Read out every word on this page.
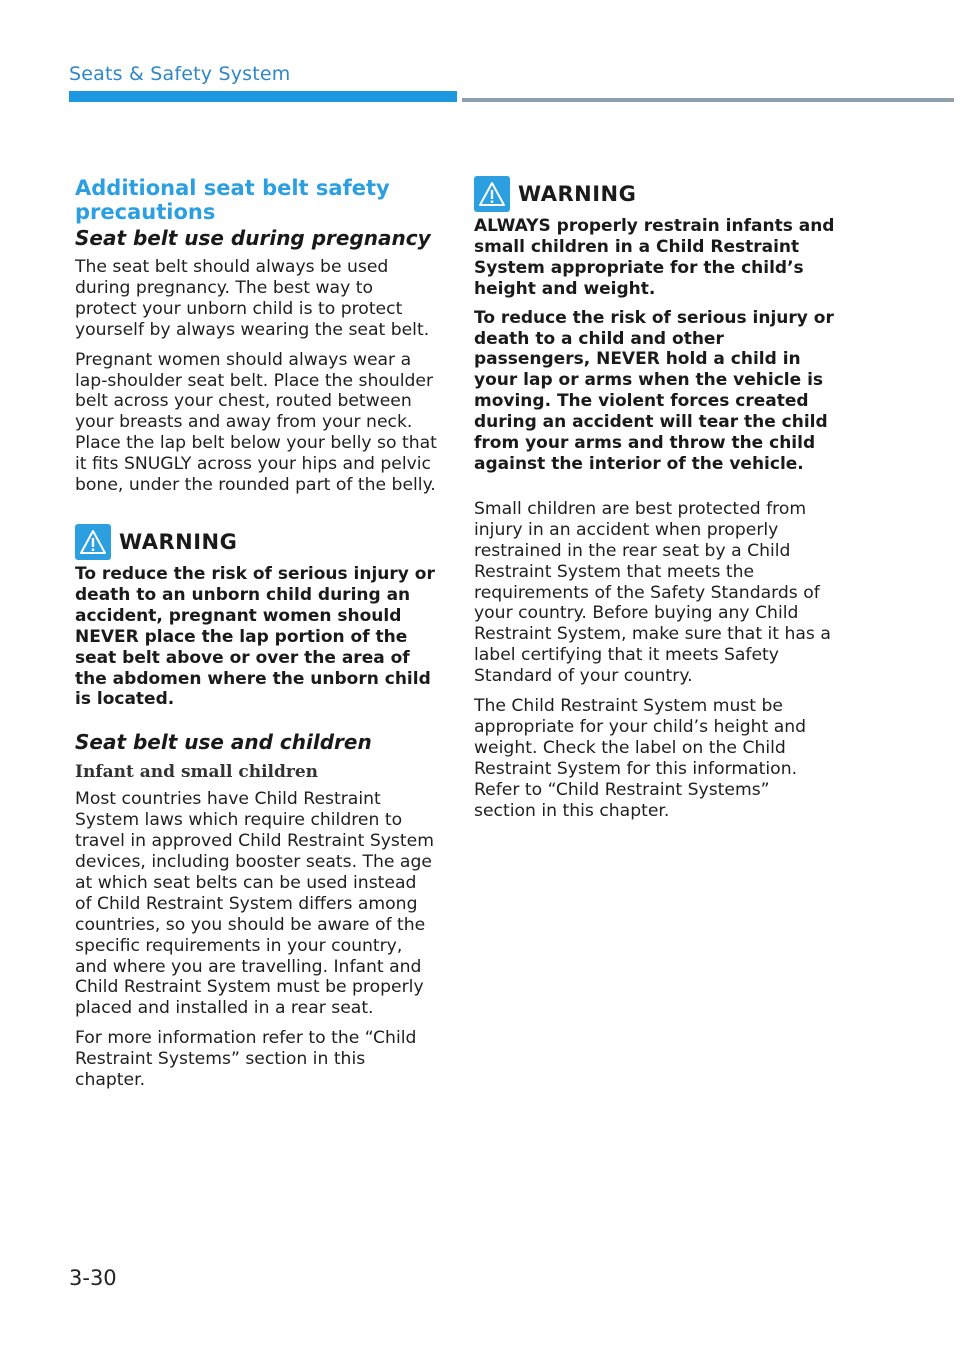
Seats & Safety System
Additional seat belt safety
precautions
Seat belt use during pregnancy

The seat belt should always be used during pregnancy. The best way to protect your unborn child is to protect yourself by always wearing the seat belt.

Pregnant women should always wear a lap-shoulder seat belt. Place the shoulder belt across your chest, routed between your breasts and away from your neck. Place the lap belt below your belly so that it fits SNUGLY across your hips and pelvic bone, under the rounded part of the belly.

WARNING

To reduce the risk of serious injury or death to an unborn child during an accident, pregnant women should NEVER place the lap portion of the seat belt above or over the area of the abdomen where the unborn child is located.

Seat belt use and children
Infant and small children

Most countries have Child Restraint System laws which require children to travel in approved Child Restraint System devices, including booster seats. The age at which seat belts can be used instead of Child Restraint System differs among countries, so you should be aware of the specific requirements in your country, and where you are travelling. Infant and Child Restraint System must be properly placed and installed in a rear seat.

For more information refer to the “Child Restraint Systems” section in this chapter.

WARNING

ALWAYS properly restrain infants and small children in a Child Restraint System appropriate for the child’s height and weight.

To reduce the risk of serious injury or death to a child and other passengers, NEVER hold a child in your lap or arms when the vehicle is moving. The violent forces created during an accident will tear the child from your arms and throw the child against the interior of the vehicle.

Small children are best protected from injury in an accident when properly restrained in the rear seat by a Child Restraint System that meets the requirements of the Safety Standards of your country. Before buying any Child Restraint System, make sure that it has a label certifying that it meets Safety Standard of your country.

The Child Restraint System must be appropriate for your child’s height and weight. Check the label on the Child Restraint System for this information. Refer to “Child Restraint Systems” section in this chapter.

3-30
